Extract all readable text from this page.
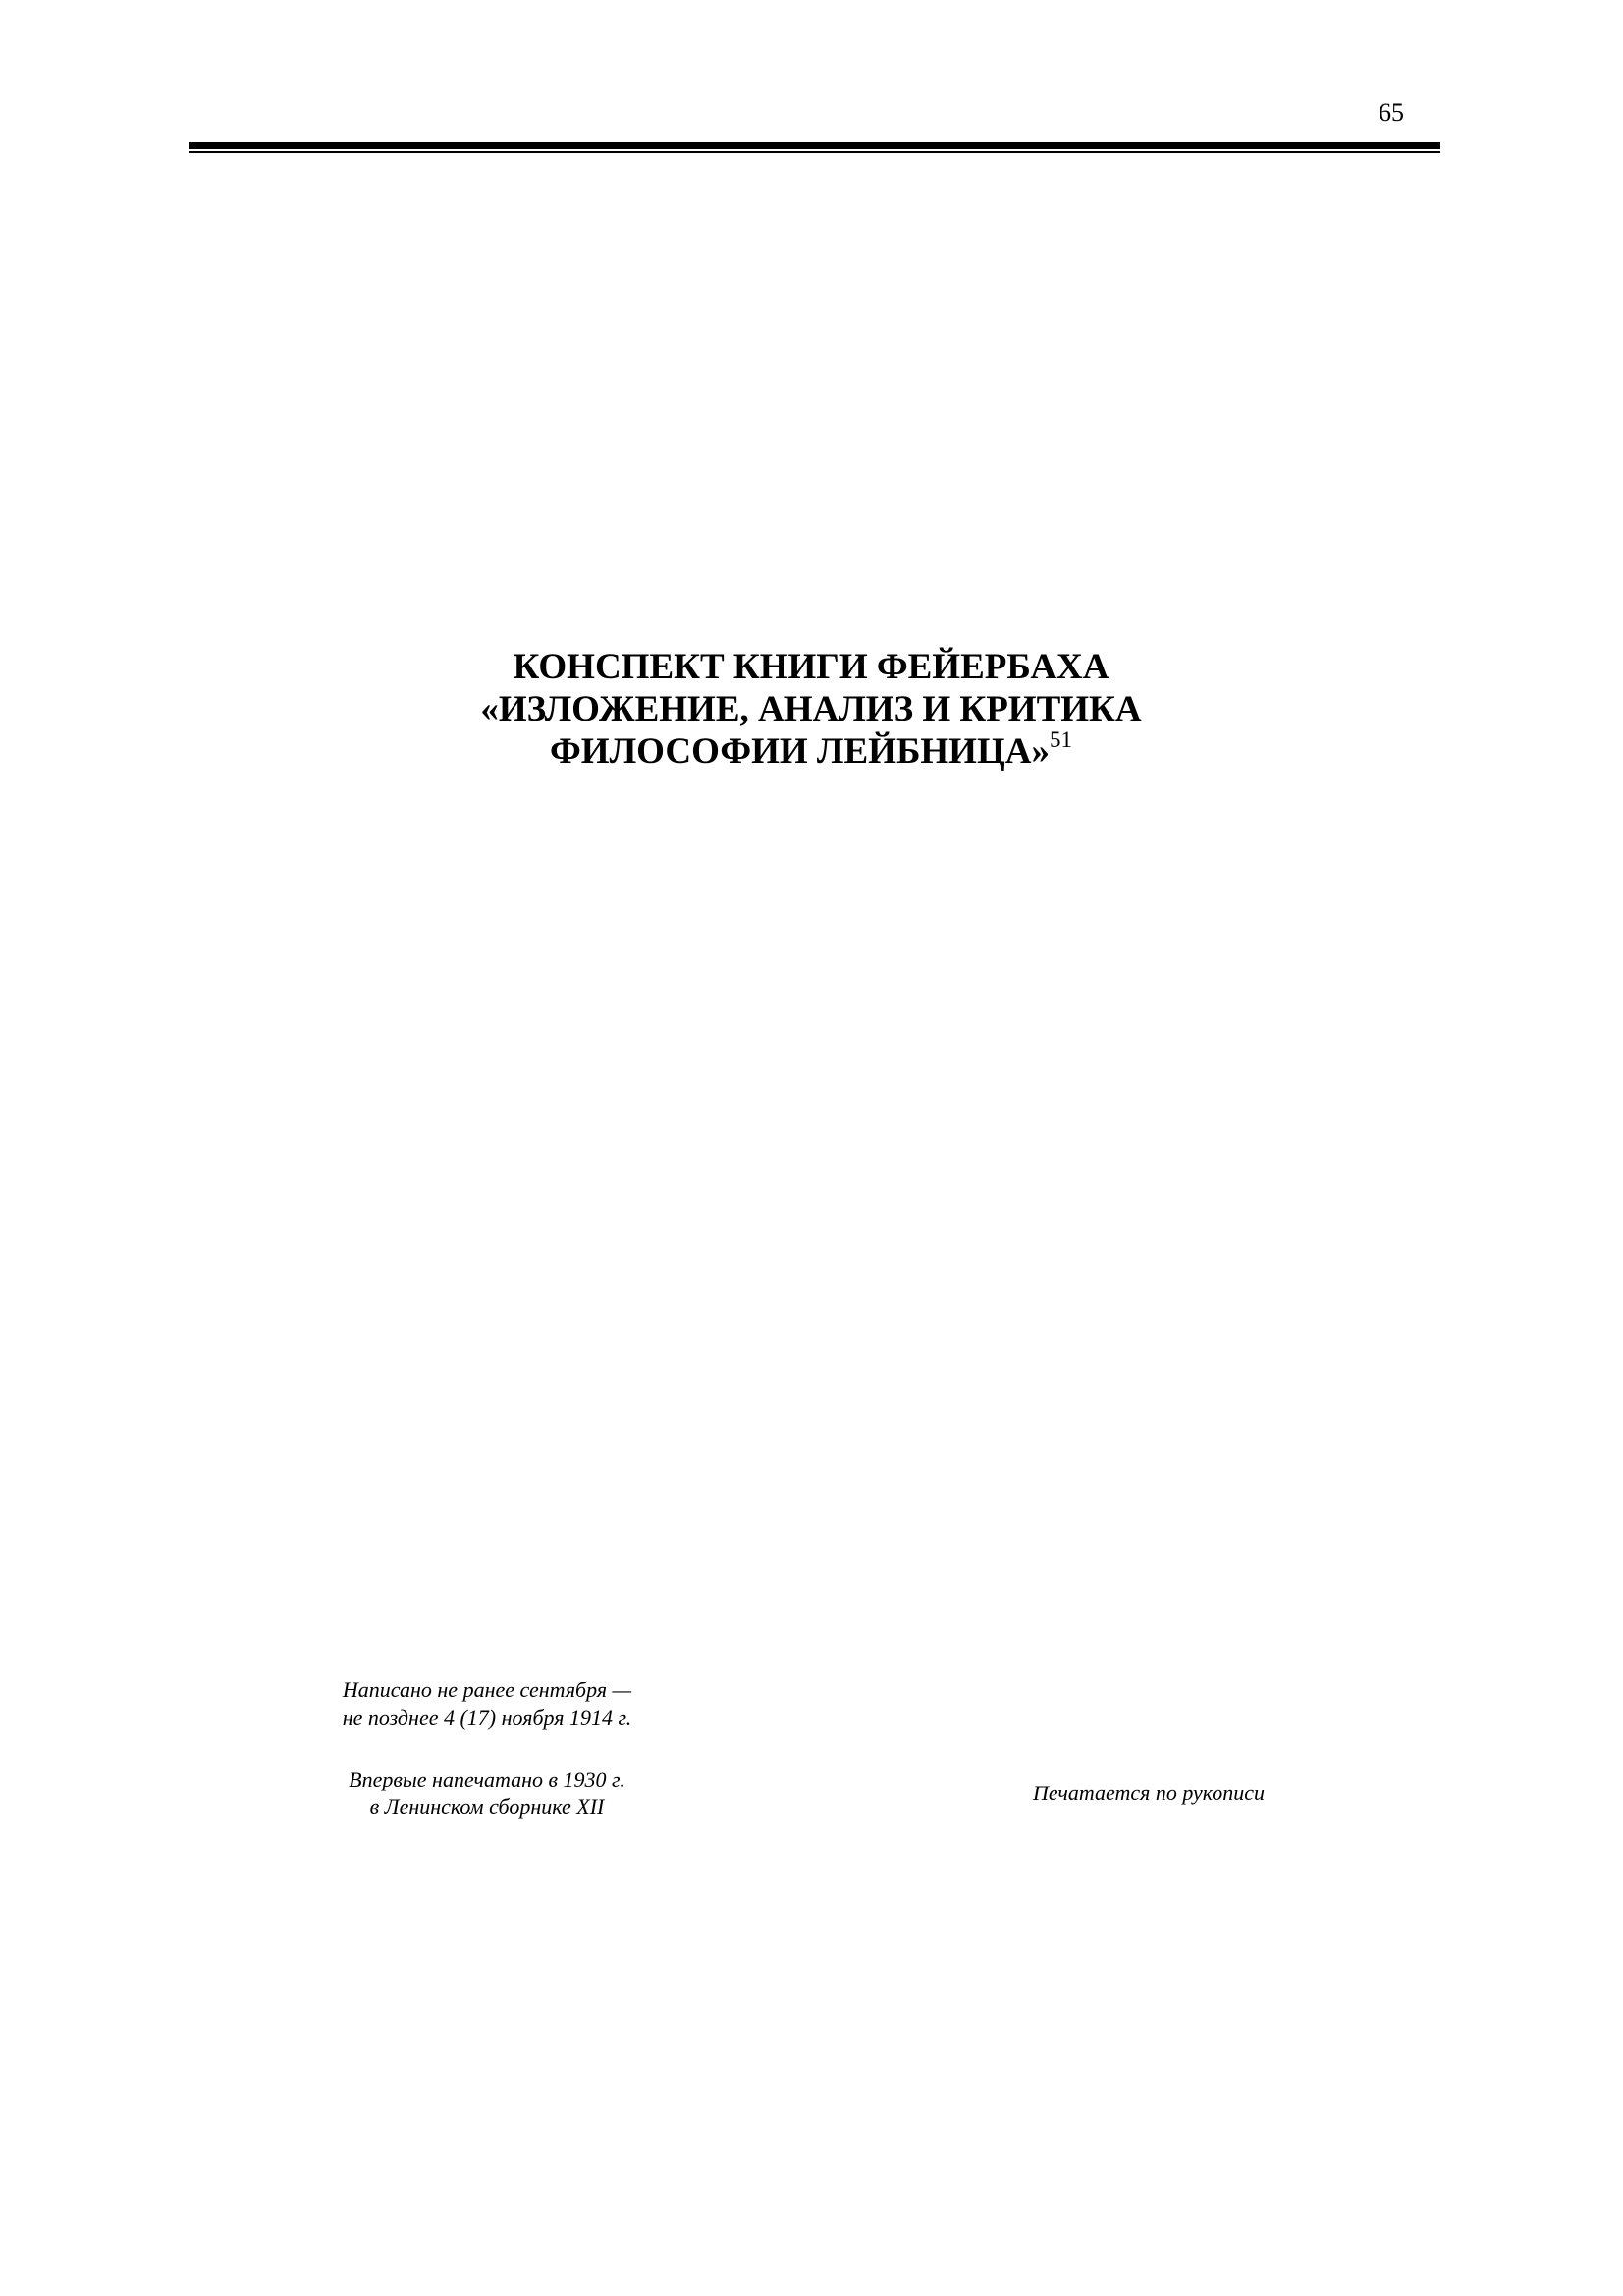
65
КОНСПЕКТ КНИГИ ФЕЙЕРБАХА
«ИЗЛОЖЕНИЕ, АНАЛИЗ И КРИТИКА
ФИЛОСОФИИ ЛЕЙБНИЦА»$^{51}$
Написано не ранее сентября —
не позднее 4 (17) ноября 1914 г.
Впервые напечатано в 1930 г.
в Ленинском сборнике XII
Печатается по рукописи
